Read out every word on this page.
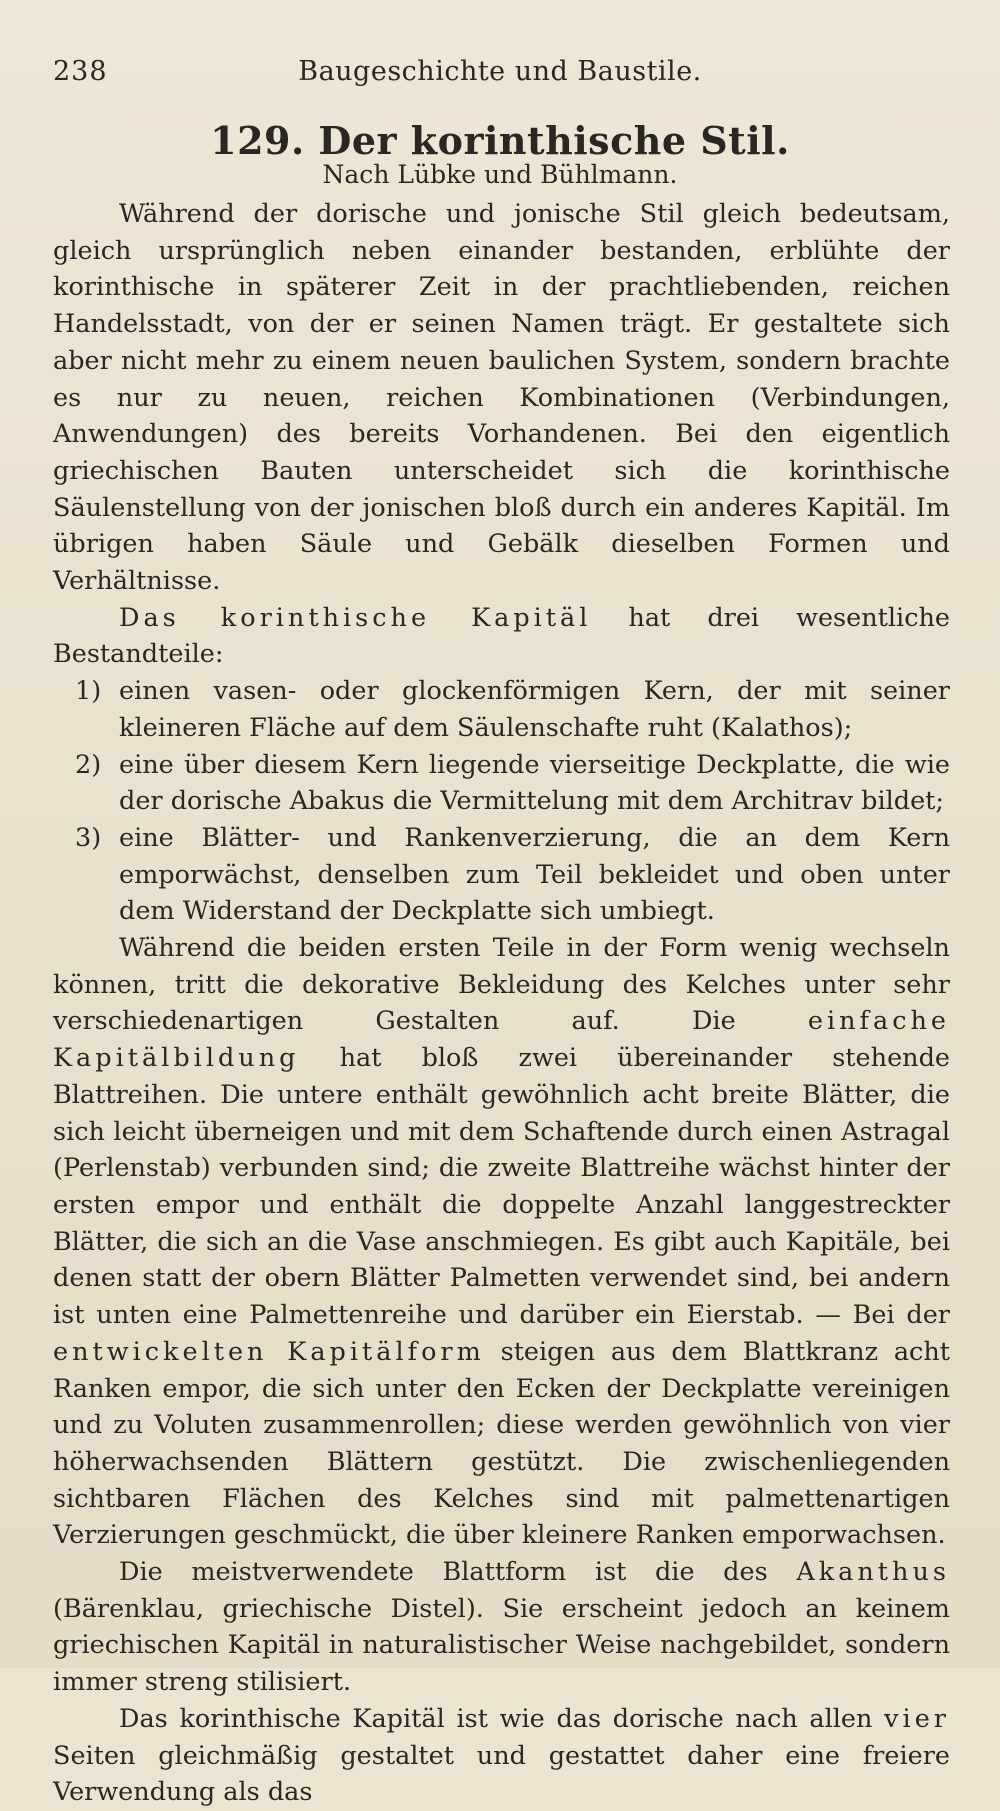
238	Baugeschichte und Baustile.
129. Der korinthische Stil.
Nach Lübke und Bühlmann.

Während der dorische und jonische Stil gleich bedeutsam, gleich ursprünglich neben einander bestanden, erblühte der korinthische in späterer Zeit in der prachtliebenden, reichen Handelsstadt, von der er seinen Namen trägt. Er gestaltete sich aber nicht mehr zu einem neuen baulichen System, sondern brachte es nur zu neuen, reichen Kombinationen (Verbindungen, Anwendungen) des bereits Vorhandenen. Bei den eigentlich griechischen Bauten unterscheidet sich die korinthische Säulenstellung von der jonischen bloß durch ein anderes Kapitäl. Im übrigen haben Säule und Gebälk dieselben Formen und Verhältnisse.

Das korinthische Kapitäl hat drei wesentliche Bestandteile:

1) einen vasen- oder glockenförmigen Kern, der mit seiner kleineren Fläche auf dem Säulenschafte ruht (Kalathos);
2) eine über diesem Kern liegende vierseitige Deckplatte, die wie der dorische Abakus die Vermittelung mit dem Architrav bildet;
3) eine Blätter- und Rankenverzierung, die an dem Kern emporwächst, denselben zum Teil bekleidet und oben unter dem Widerstand der Deckplatte sich umbiegt.

Während die beiden ersten Teile in der Form wenig wechseln können, tritt die dekorative Bekleidung des Kelches unter sehr verschiedenartigen Gestalten auf. Die einfache Kapitälbildung hat bloß zwei übereinander stehende Blattreihen. Die untere enthält gewöhnlich acht breite Blätter, die sich leicht überneigen und mit dem Schaftende durch einen Astragal (Perlenstab) verbunden sind; die zweite Blattreihe wächst hinter der ersten empor und enthält die doppelte Anzahl langgestreckter Blätter, die sich an die Vase anschmiegen. Es gibt auch Kapitäle, bei denen statt der obern Blätter Palmetten verwendet sind, bei andern ist unten eine Palmettenreihe und darüber ein Eierstab. — Bei der entwickelten Kapitälform steigen aus dem Blattkranz acht Ranken empor, die sich unter den Ecken der Deckplatte vereinigen und zu Voluten zusammenrollen; diese werden gewöhnlich von vier höherwachsenden Blättern gestützt. Die zwischenliegenden sichtbaren Flächen des Kelches sind mit palmettenartigen Verzierungen geschmückt, die über kleinere Ranken emporwachsen.

Die meistverwendete Blattform ist die des Akanthus (Bärenklau, griechische Distel). Sie erscheint jedoch an keinem griechischen Kapitäl in naturalistischer Weise nachgebildet, sondern immer streng stilisiert.

Das korinthische Kapitäl ist wie das dorische nach allen vier Seiten gleichmäßig gestaltet und gestattet daher eine freiere Verwendung als das
